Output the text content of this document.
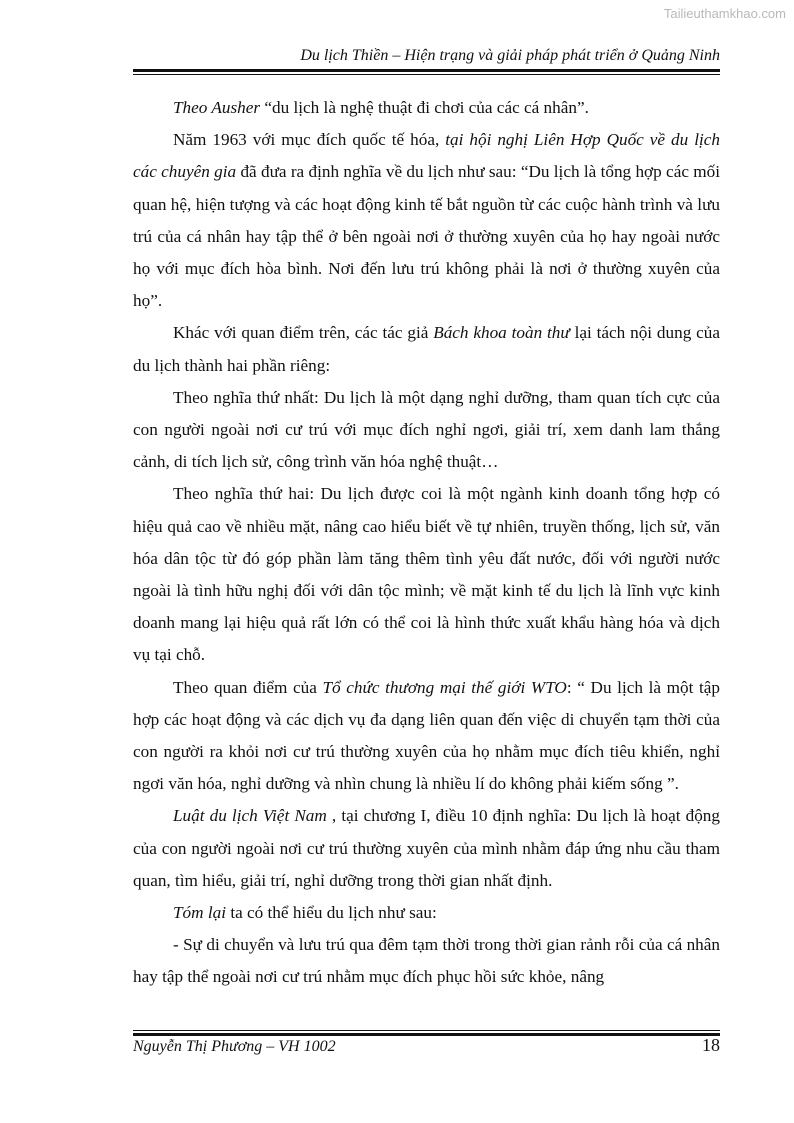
Tailieuthamkhao.com
Du lịch Thiền – Hiện trạng và giải pháp phát triển ở Quảng Ninh

Theo Ausher “du lịch là nghệ thuật đi chơi của các cá nhân”.

Năm 1963 với mục đích quốc tế hóa, tại hội nghị Liên Hợp Quốc về du lịch các chuyên gia đã đưa ra định nghĩa về du lịch như sau: “Du lịch là tổng hợp các mối quan hệ, hiện tượng và các hoạt động kinh tế bắt nguồn từ các cuộc hành trình và lưu trú của cá nhân hay tập thể ở bên ngoài nơi ở thường xuyên của họ hay ngoài nước họ với mục đích hòa bình. Nơi đến lưu trú không phải là nơi ở thường xuyên của họ”.

Khác với quan điểm trên, các tác giả Bách khoa toàn thư lại tách nội dung của du lịch thành hai phần riêng:

Theo nghĩa thứ nhất: Du lịch là một dạng nghỉ dưỡng, tham quan tích cực của con người ngoài nơi cư trú với mục đích nghỉ ngơi, giải trí, xem danh lam thắng cảnh, di tích lịch sử, công trình văn hóa nghệ thuật…

Theo nghĩa thứ hai: Du lịch được coi là một ngành kinh doanh tổng hợp có hiệu quả cao về nhiều mặt, nâng cao hiểu biết về tự nhiên, truyền thống, lịch sử, văn hóa dân tộc từ đó góp phần làm tăng thêm tình yêu đất nước, đối với người nước ngoài là tình hữu nghị đối với dân tộc mình; về mặt kinh tế du lịch là lĩnh vực kinh doanh mang lại hiệu quả rất lớn có thể coi là hình thức xuất khẩu hàng hóa và dịch vụ tại chỗ.

Theo quan điểm của Tổ chức thương mại thế giới WTO: “ Du lịch là một tập hợp các hoạt động và các dịch vụ đa dạng liên quan đến việc di chuyển tạm thời của con người ra khỏi nơi cư trú thường xuyên của họ nhằm mục đích tiêu khiển, nghỉ ngơi văn hóa, nghỉ dưỡng và nhìn chung là nhiều lí do không phải kiếm sống ”.

Luật du lịch Việt Nam , tại chương I, điều 10 định nghĩa: Du lịch là hoạt động của con người ngoài nơi cư trú thường xuyên của mình nhằm đáp ứng nhu cầu tham quan, tìm hiểu, giải trí, nghỉ dưỡng trong thời gian nhất định.

Tóm lại ta có thể hiểu du lịch như sau:

- Sự di chuyển và lưu trú qua đêm tạm thời trong thời gian rảnh rỗi của cá nhân hay tập thể ngoài nơi cư trú nhằm mục đích phục hồi sức khỏe, nâng

Nguyễn Thị Phương – VH 1002	18
